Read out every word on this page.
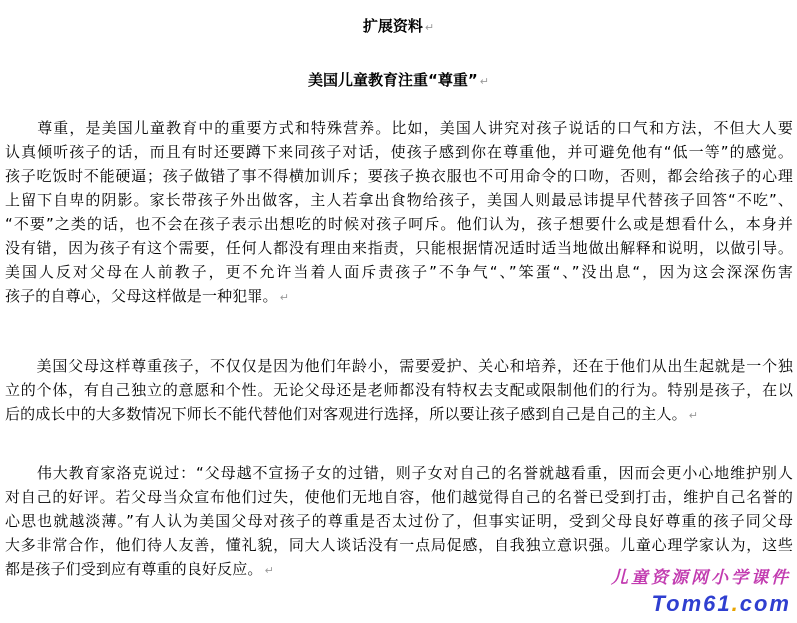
扩展资料 ↵
美国儿童教育注重“尊重” ↵
　　尊重，是美国儿童教育中的重要方式和特殊营养。比如，美国人讲究对孩子说话的口气和方法，不但大人要
认真倾听孩子的话，而且有时还要蹲下来同孩子对话，使孩子感到你在尊重他，并可避免他有“低一等”的感觉。
孩子吃饭时不能硬逼；孩子做错了事不得横加训斥；要孩子换衣服也不可用命令的口吻，否则，都会给孩子的心理
上留下自卑的阴影。家长带孩子外出做客，主人若拿出食物给孩子，美国人则最忌讳提早代替孩子回答“不吃”、
“不要”之类的话，也不会在孩子表示出想吃的时候对孩子呵斥。他们认为，孩子想要什么或是想看什么，本身并
没有错，因为孩子有这个需要，任何人都没有理由来指责，只能根据情况适时适当地做出解释和说明，以做引导。
美国人反对父母在人前教子，更不允许当着人面斥责孩子”不争气“、”笨蛋“、”没出息“，因为这会深深伤害
孩子的自尊心，父母这样做是一种犯罪。 ↵
　　美国父母这样尊重孩子，不仅仅是因为他们年龄小，需要爱护、关心和培养，还在于他们从出生起就是一个独
立的个体，有自己独立的意愿和个性。无论父母还是老师都没有特权去支配或限制他们的行为。特别是孩子，在以
后的成长中的大多数情况下师长不能代替他们对客观进行选择，所以要让孩子感到自己是自己的主人。 ↵
　　伟大教育家洛克说过：“父母越不宣扬子女的过错，则子女对自己的名誉就越看重，因而会更小心地维护别人
对自己的好评。若父母当众宣布他们过失，使他们无地自容，他们越觉得自己的名誉已受到打击，维护自己名誉的
心思也就越淡薄。”有人认为美国父母对孩子的尊重是否太过份了，但事实证明，受到父母良好尊重的孩子同父母
大多非常合作，他们待人友善，懂礼貌，同大人谈话没有一点局促感，自我独立意识强。儿童心理学家认为，这些
都是孩子们受到应有尊重的良好反应。 ↵	儿童资源网小学课件
Tom61.com
